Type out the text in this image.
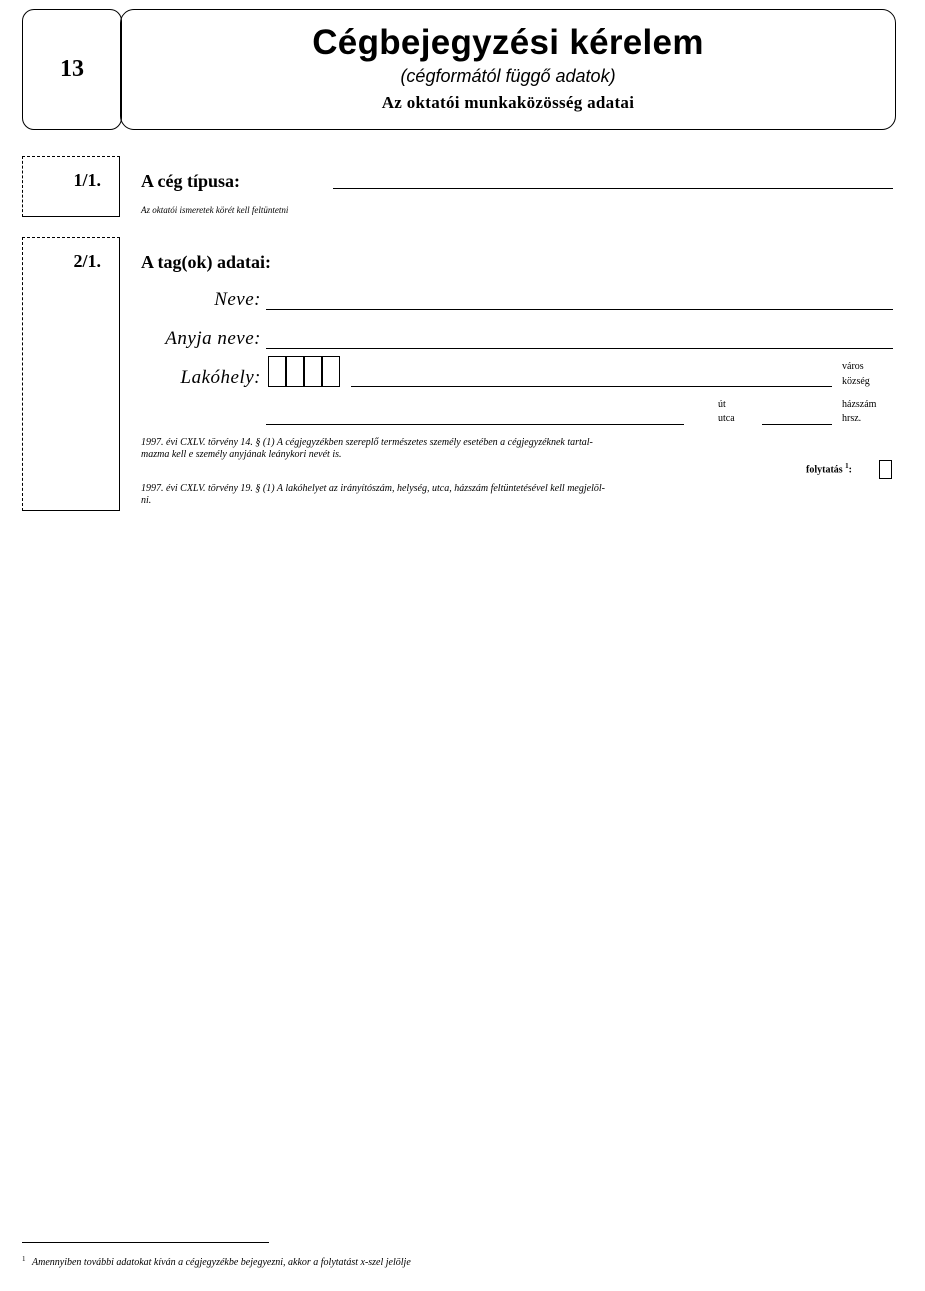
13
Cégbejegyzési kérelem
(cégformától függő adatok)
Az oktatói munkaközösség adatai
1/1.	A cég típusa:
Az oktatói ismeretek körét kell feltüntetni
2/1.	A tag(ok) adatai:
Neve:
Anyja neve:
Lakóhely:
város
község
út
utca
házszám
hrsz.
1997. évi CXLV. törvény 14. § (1) A cégjegyzékben szereplő természetes személy esetében a cégjegyzéknek tartal-
mazma kell e személy anyjának leánykori nevét is.
1997. évi CXLV. törvény 19. § (1) A lakóhelyet az irányítószám, helység, utca, házszám feltüntetésével kell megjelöl-
ni.
folytatás $^1$:
$^1$ Amennyiben további adatokat kíván a cégjegyzékbe bejegyezni, akkor a folytatást x-szel jelölje
